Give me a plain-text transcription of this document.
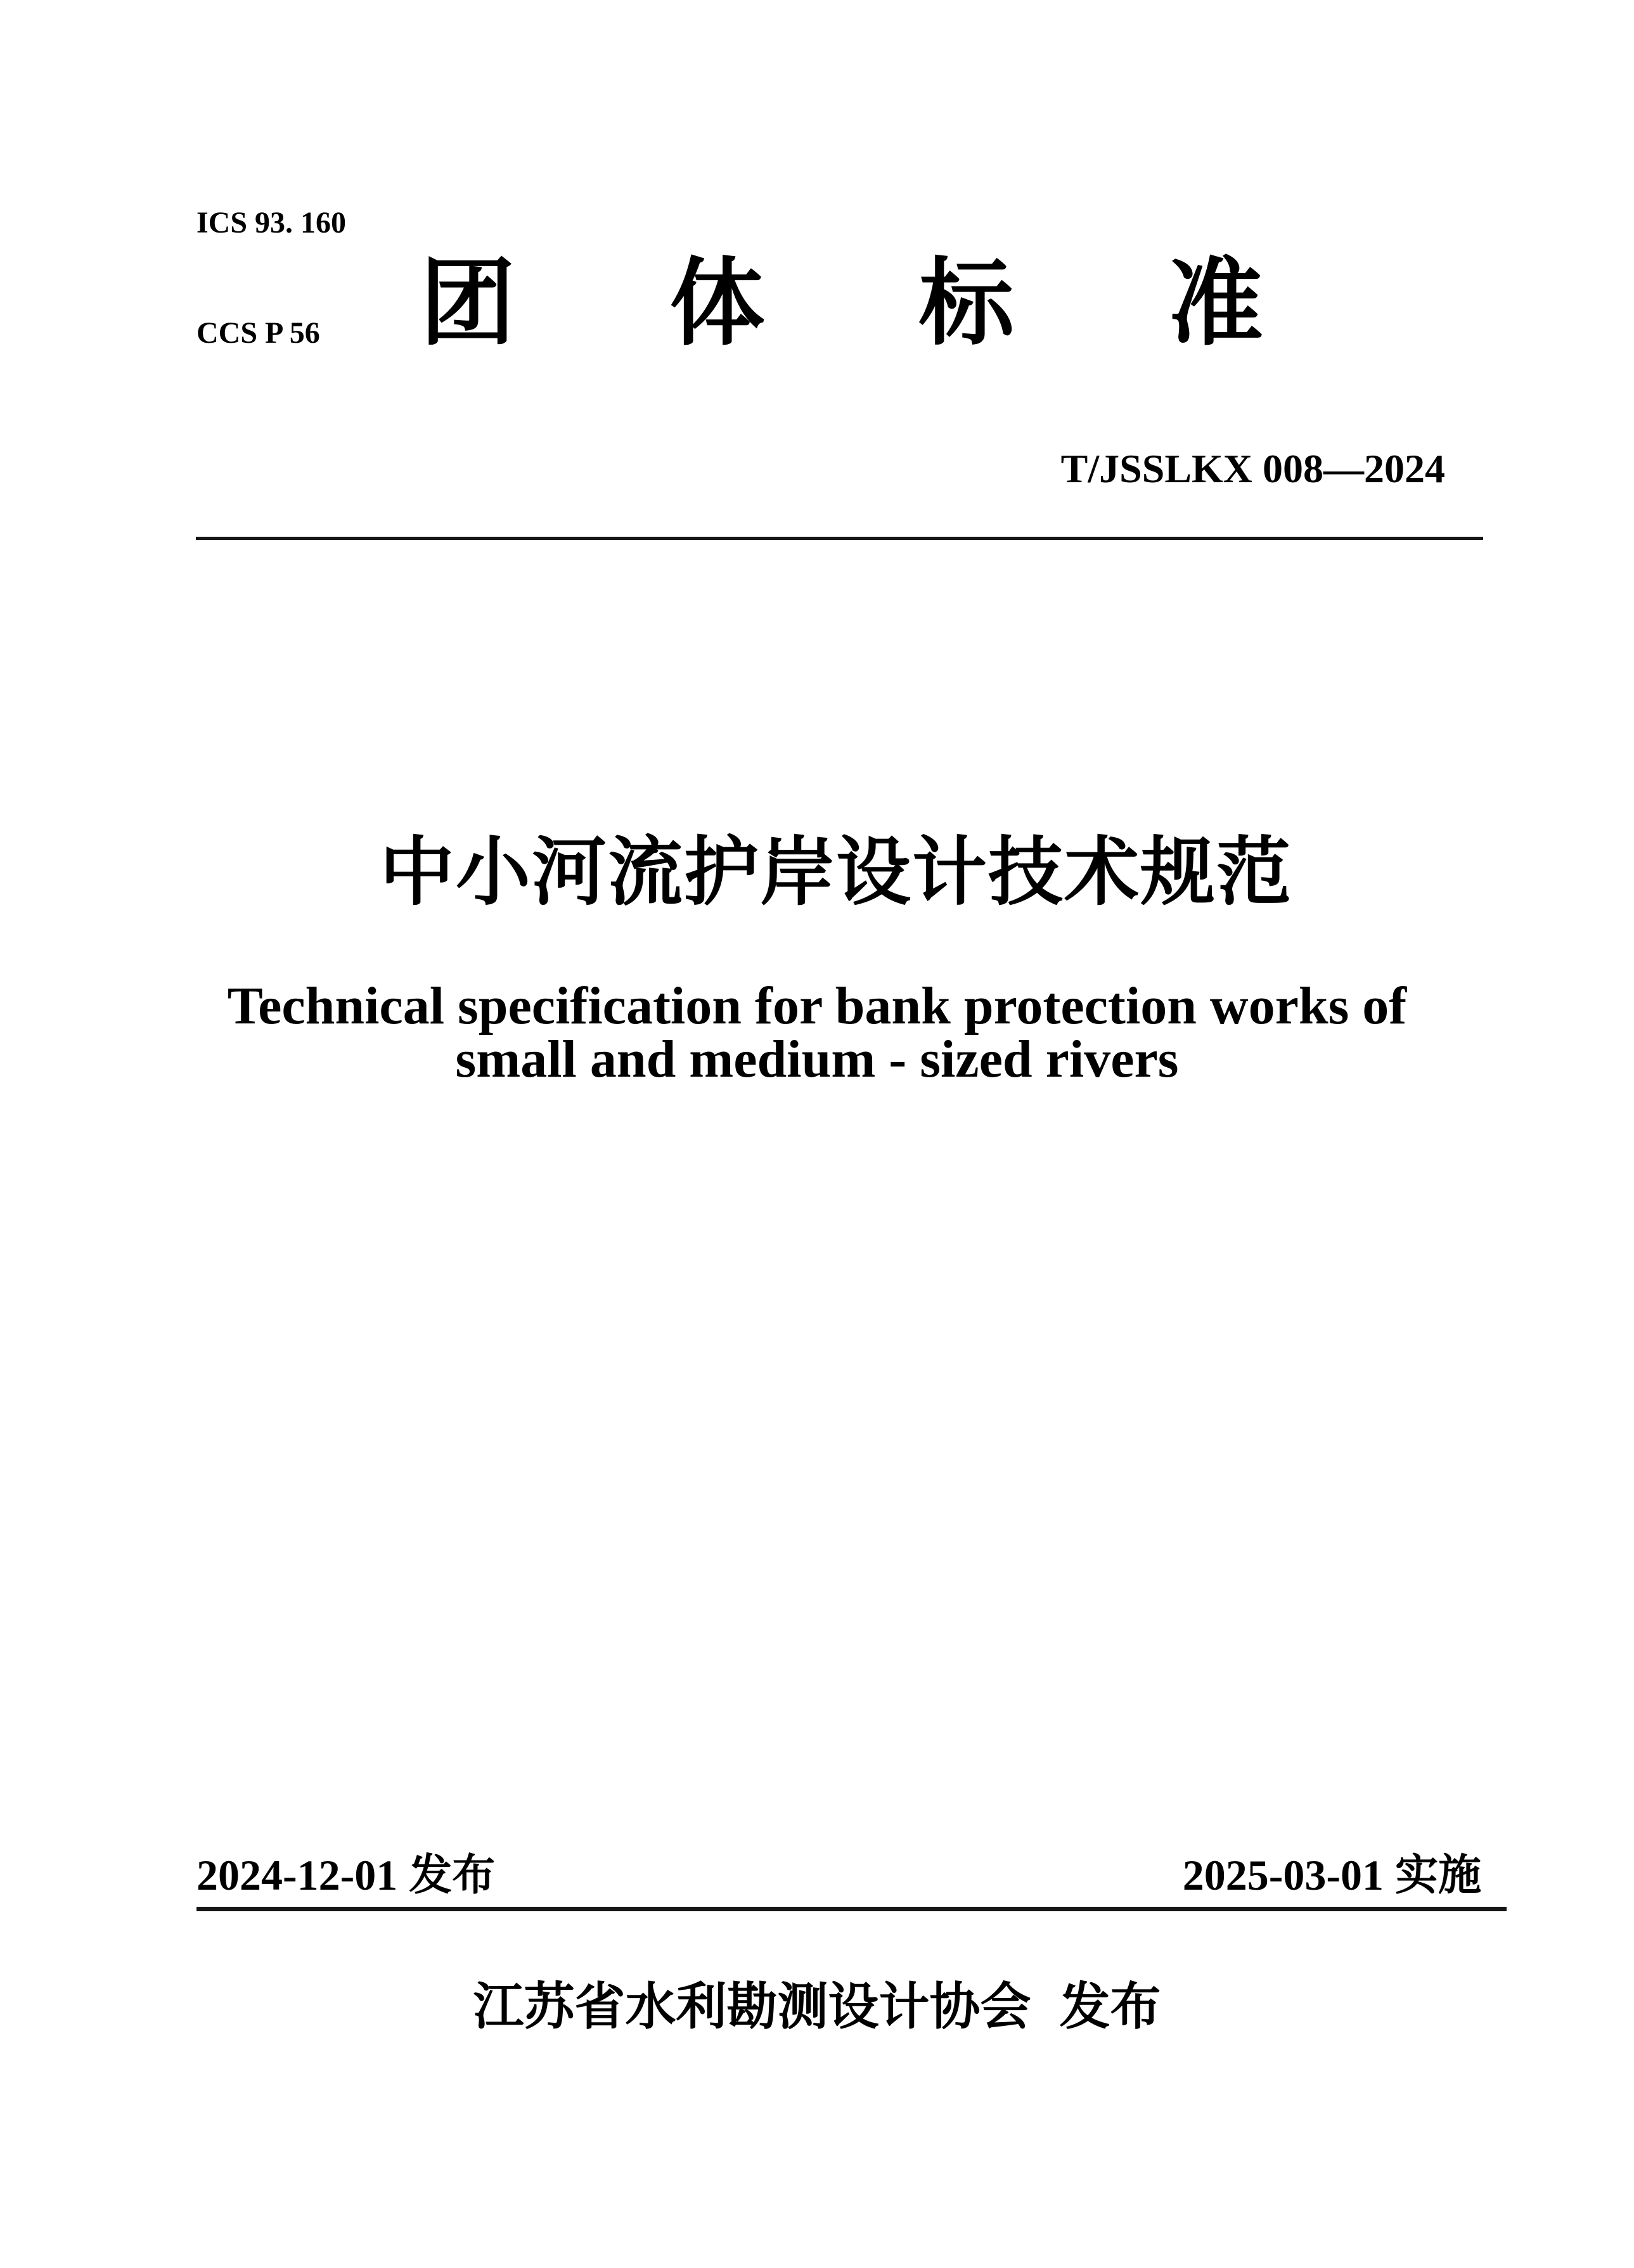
ICS 93. 160

CCS P 56

团 体 标 准
T/JSSLKX 008—2024
中小河流护岸设计技术规范
Technical specification for bank protection works of
small and medium - sized rivers
2024-12-01 发布	2025-03-01 实施
江苏省水利勘测设计协会 发布
